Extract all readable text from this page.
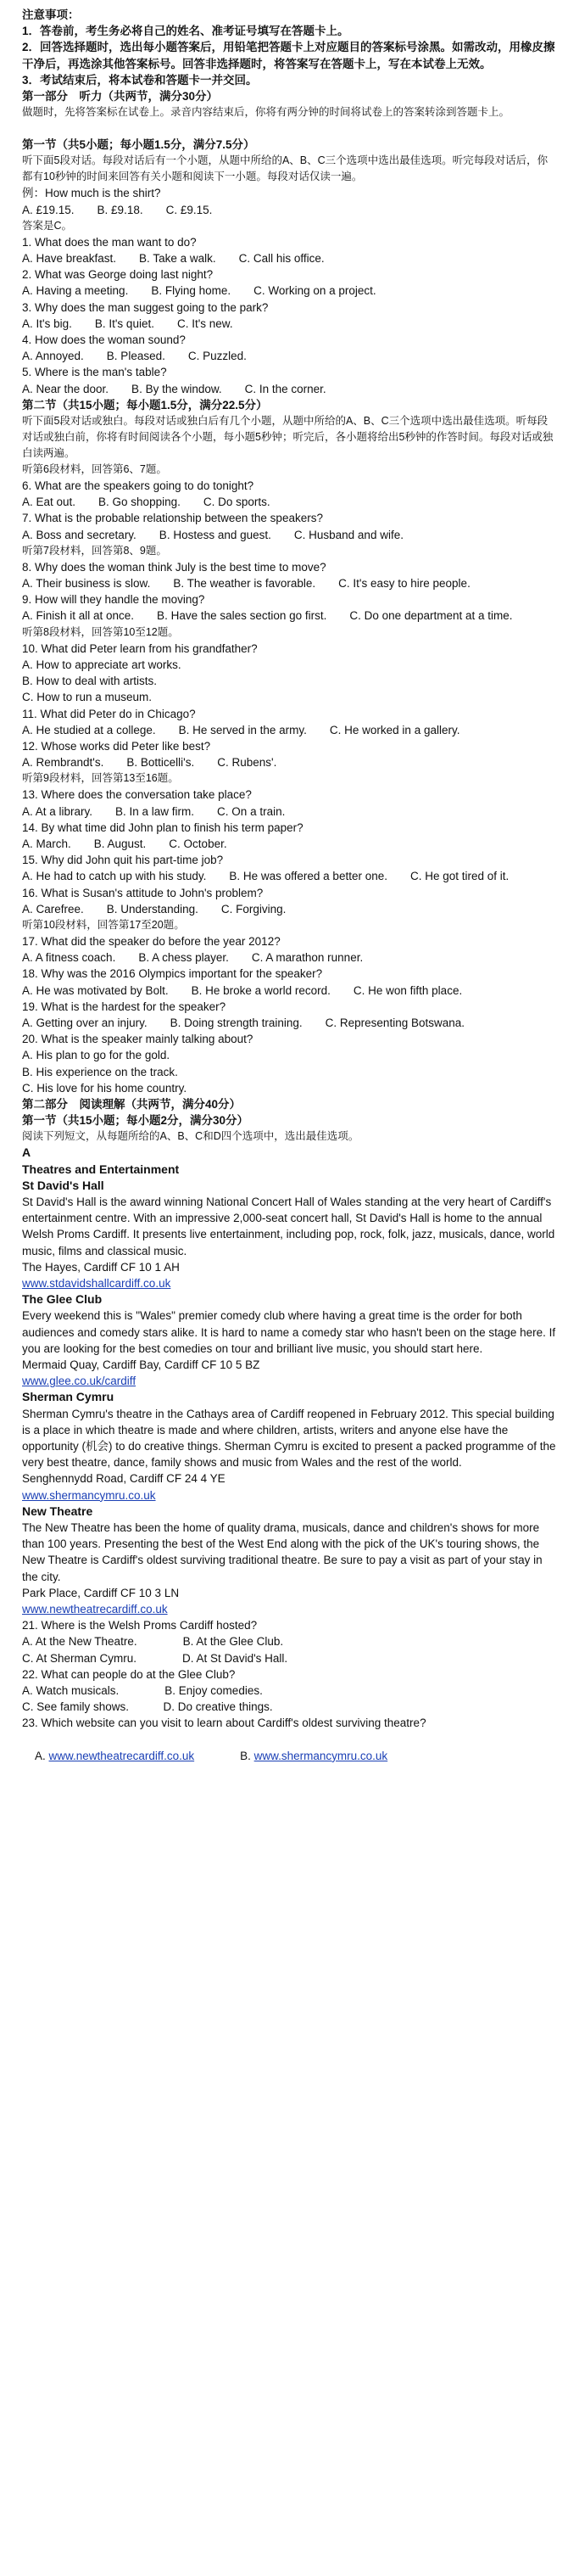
注意事项：
1．答卷前，考生务必将自己的姓名、准考证号填写在答题卡上。
2．回答选择题时，选出每小题答案后，用铅笔把答题卡上对应题目的答案标号涂黑。如需改动，用橡皮擦干净后，再选涂其他答案标号。回答非选择题时，将答案写在答题卡上，写在本试卷上无效。
3．考试结束后，将本试卷和答题卡一并交回。
第一部分　听力（共两节，满分30分）
做题时，先将答案标在试卷上。录音内容结束后，你将有两分钟的时间将试卷上的答案转涂到答题卡上。
第一节（共5小题；每小题1.5分，满分7.5分）
听下面5段对话。每段对话后有一个小题，从题中所给的A、B、C三个选项中选出最佳选项。听完每段对话后，你都有10秒钟的时间来回答有关小题和阅读下一小题。每段对话仅读一遍。
例：How much is the shirt?
A. £19.15.　　B. £9.18.　　C. £9.15.
答案是C。
1. What does the man want to do?
A. Have breakfast.　　B. Take a walk.　　C. Call his office.
2. What was George doing last night?
A. Having a meeting.　　B. Flying home.　　C. Working on a project.
3. Why does the man suggest going to the park?
A. It's big.　　B. It's quiet.　　C. It's new.
4. How does the woman sound?
A. Annoyed.　　B. Pleased.　　C. Puzzled.
5. Where is the man's table?
A. Near the door.　　B. By the window.　　C. In the corner.
第二节（共15小题；每小题1.5分，满分22.5分）
听下面5段对话或独白。每段对话或独白后有几个小题，从题中所给的A、B、C三个选项中选出最佳选项。听每段对话或独白前，你将有时间阅读各个小题，每小题5秒钟；听完后，各小题将给出5秒钟的作答时间。每段对话或独白读两遍。
听第6段材料，回答第6、7题。
6. What are the speakers going to do tonight?
A. Eat out.　　B. Go shopping.　　C. Do sports.
7. What is the probable relationship between the speakers?
A. Boss and secretary.　　B. Hostess and guest.　　C. Husband and wife.
听第7段材料，回答第8、9题。
8. Why does the woman think July is the best time to move?
A. Their business is slow.　　B. The weather is favorable.　　C. It's easy to hire people.
9. How will they handle the moving?
A. Finish it all at once.　　B. Have the sales section go first.　　C. Do one department at a time.
听第8段材料，回答第10至12题。
10. What did Peter learn from his grandfather?
A. How to appreciate art works.
B. How to deal with artists.
C. How to run a museum.
11. What did Peter do in Chicago?
A. He studied at a college.　　B. He served in the army.　　C. He worked in a gallery.
12. Whose works did Peter like best?
A. Rembrandt's.　　B. Botticelli's.　　C. Rubens'.
听第9段材料，回答第13至16题。
13. Where does the conversation take place?
A. At a library.　　B. In a law firm.　　C. On a train.
14. By what time did John plan to finish his term paper?
A. March.　　B. August.　　C. October.
15. Why did John quit his part-time job?
A. He had to catch up with his study.　　B. He was offered a better one.　　C. He got tired of it.
16. What is Susan's attitude to John's problem?
A. Carefree.　　B. Understanding.　　C. Forgiving.
听第10段材料，回答第17至20题。
17. What did the speaker do before the year 2012?
A. A fitness coach.　　B. A chess player.　　C. A marathon runner.
18. Why was the 2016 Olympics important for the speaker?
A. He was motivated by Bolt.　　B. He broke a world record.　　C. He won fifth place.
19. What is the hardest for the speaker?
A. Getting over an injury.　　B. Doing strength training.　　C. Representing Botswana.
20. What is the speaker mainly talking about?
A. His plan to go for the gold.
B. His experience on the track.
C. His love for his home country.
第二部分　阅读理解（共两节，满分40分）
第一节（共15小题；每小题2分，满分30分）
阅读下列短文，从每题所给的A、B、C和D四个选项中，选出最佳选项。
A
Theatres and Entertainment
St David's Hall
St David's Hall is the award winning National Concert Hall of Wales standing at the very heart of Cardiff's entertainment centre. With an impressive 2,000-seat concert hall, St David's Hall is home to the annual Welsh Proms Cardiff. It presents live entertainment, including pop, rock, folk, jazz, musicals, dance, world music, films and classical music.
The Hayes, Cardiff CF 10 1 AH
www.stdavidshallcardiff.co.uk
The Glee Club
Every weekend this is "Wales" premier comedy club where having a great time is the order for both audiences and comedy stars alike. It is hard to name a comedy star who hasn't been on the stage here. If you are looking for the best comedies on tour and brilliant live music, you should start here.
Mermaid Quay, Cardiff Bay, Cardiff CF 10 5 BZ
www.glee.co.uk/cardiff
Sherman Cymru
Sherman Cymru's theatre in the Cathays area of Cardiff reopened in February 2012. This special building is a place in which theatre is made and where children, artists, writers and anyone else have the opportunity (机会) to do creative things. Sherman Cymru is excited to present a packed programme of the very best theatre, dance, family shows and music from Wales and the rest of the world.
Senghennydd Road, Cardiff CF 24 4 YE
www.shermancymru.co.uk
New Theatre
The New Theatre has been the home of quality drama, musicals, dance and children's shows for more than 100 years. Presenting the best of the West End along with the pick of the UK's touring shows, the New Theatre is Cardiff's oldest surviving traditional theatre. Be sure to pay a visit as part of your stay in the city.
Park Place, Cardiff CF 10 3 LN
www.newtheatrecardiff.co.uk
21. Where is the Welsh Proms Cardiff hosted?
A. At the New Theatre.　　　　B. At the Glee Club.
C. At Sherman Cymru.　　　　D. At St David's Hall.
22. What can people do at the Glee Club?
A. Watch musicals.　　　　B. Enjoy comedies.
C. See family shows.　　　D. Do creative things.
23. Which website can you visit to learn about Cardiff's oldest surviving theatre?

A. www.newtheatrecardiff.co.uk　　　　B. www.shermancymru.co.uk
